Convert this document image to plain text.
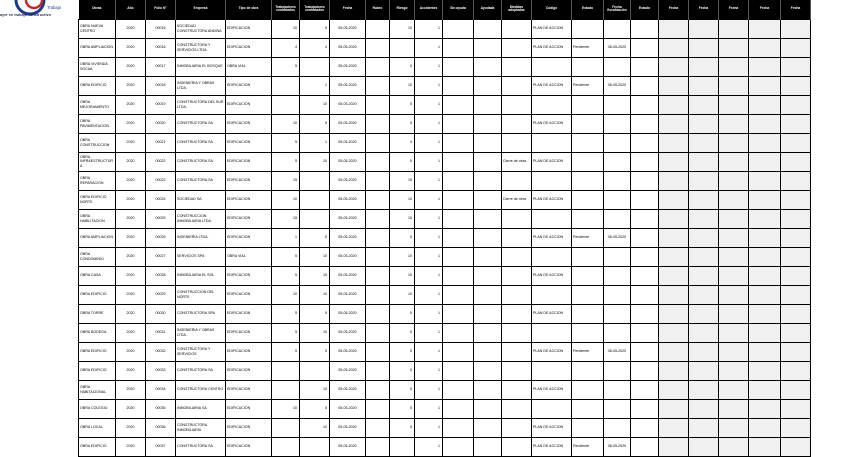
Trabajo
ayer en trabajo constructivo
Obras	Año	Folio N°	Empresa	Tipo de obra	Trabajadores contratados	Trabajadores contratados	Fecha	Rubro	Riesgo	Accidentes	Sin ayuda	Ayudada	Medidas adoptadas	Código	Estado	Fecha fiscalización	Estado	Fecha	Fecha	Fecha	Fecha	Fecha
OBRA NUEVA CENTRO	2020	00015	SOCIEDAD CONSTRUCTORA ANDINA	EDIFICACION	10	5	05-05-2020		10	1				PLAN DE ACCION								
OBRA AMPLIACION	2020	00016	CONSTRUCTORA Y SERVICIOS LTDA.	EDIFICACION	4	4	05-05-2020			1				PLAN DE ACCION	Pendiente	08-05-2020						
OBRA VIVIENDA SOCIAL	2020	00017	INMOBILIARIA EL BOSQUE	OBRA VIAL	5		05-05-2020		5	1												
OBRA EDIFICIO	2020	00018	INGENIERIA Y OBRAS LTDA.	EDIFICACION		1	05-05-2020		10	1				PLAN DE ACCION	Pendiente	08-05-2020						
OBRA MEJORAMIENTO	2020	00019	CONSTRUCTORA DEL SUR LTDA.	EDIFICACION		10	05-05-2020		5	1												
OBRA PAVIMENTACION	2020	00020	CONSTRUCTORA SA	EDIFICACION	10	5	05-05-2020		5	1				PLAN DE ACCION								
OBRA CONSTRUCCION	2020	00021	CONSTRUCTORA SA	EDIFICACION	5	1	05-05-2020		4	1												
OBRA INFRAESTRUCTURA	2020	00022	CONSTRUCTORA SA	EDIFICACION	5	10	05-05-2020		5	1			Cierre de obra	PLAN DE ACCION								
OBRA REPARACION	2020	00023	CONSTRUCTORA SA	EDIFICACION	15		05-05-2020		15	1												
OBRA EDIFICIO NORTE	2020	00024	SOCIEDAD SA	EDIFICACION	10		05-05-2020		10	1			Cierre de obra	PLAN DE ACCION								
OBRA HABILITACION	2020	00025	CONSTRUCCION INMOBILIARIA LTDA.	EDIFICACION	15		05-05-2020		15	1												
OBRA AMPLIACION	2020	00026	INGENIERIA LTDA.	EDIFICACION	1	5	05-05-2020		5	1				PLAN DE ACCION	Pendiente	08-05-2020						
OBRA CONDOMINIO	2020	00027	SERVICIOS SPA	OBRA VIAL	5	10	05-05-2020		10	1												
OBRA CASA	2020	00028	INMOBILIARIA EL SOL	EDIFICACION	5	15	05-05-2020		15	1				PLAN DE ACCION								
OBRA EDIFICIO	2020	00029	CONSTRUCCION DEL NORTE	EDIFICACION	10	10	05-05-2020		10	1												
OBRA TORRE	2020	00030	CONSTRUCTORA SPA	EDIFICACION	5	5	05-05-2020		5	1				PLAN DE ACCION								
OBRA BODEGA	2020	00031	INGENIERIA Y OBRAS LTDA.	EDIFICACION	5	10	05-05-2020		5	1												
OBRA EDIFICIO	2020	00032	CONSTRUCTORA Y SERVICIOS	EDIFICACION	5	5	05-05-2020		5	1				PLAN DE ACCION	Pendiente	08-05-2020						
OBRA EDIFICIO	2020	00033	CONSTRUCTORA SA	EDIFICACION			05-05-2020		5	1												
OBRA HABITACIONAL	2020	00034	CONSTRUCTORA CENTRO	EDIFICACION		15	05-05-2020		5	1				PLAN DE ACCION								
OBRA COLEGIO	2020	00035	INMOBILIARIA SA	EDIFICACION	10	5	05-05-2020		5	1												
OBRA LOCAL	2020	00036	CONSTRUCTORA INMOBILIARIA	EDIFICACION		10	05-05-2020		5	1				PLAN DE ACCION								
OBRA EDIFICIO	2020	00037	CONSTRUCTORA SA	EDIFICACION			05-05-2020			1				PLAN DE ACCION	Pendiente	08-05-2020						
